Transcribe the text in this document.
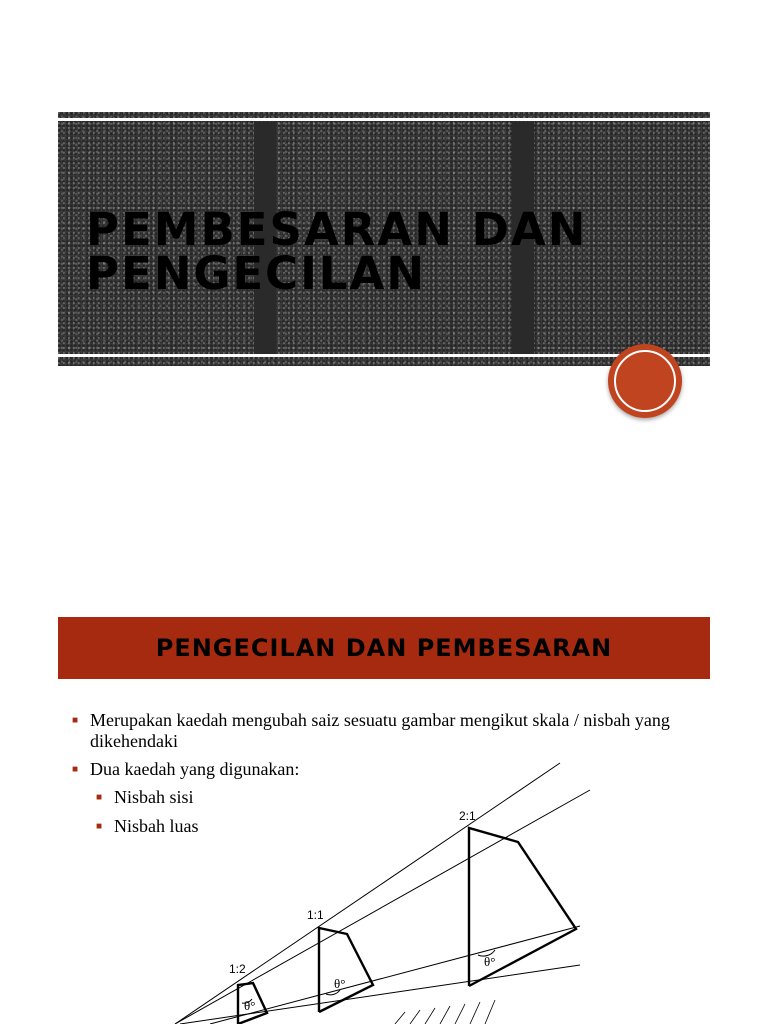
PEMBESARAN DAN
PENGECILAN
PENGECILAN DAN PEMBESARAN
■ Merupakan kaedah mengubah saiz sesuatu gambar mengikut skala / nisbah yang dikehendaki
■ Dua kaedah yang digunakan:
■ Nisbah sisi
■ Nisbah luas	2:1
1:1
1:2	θ°
θ°
θ°
